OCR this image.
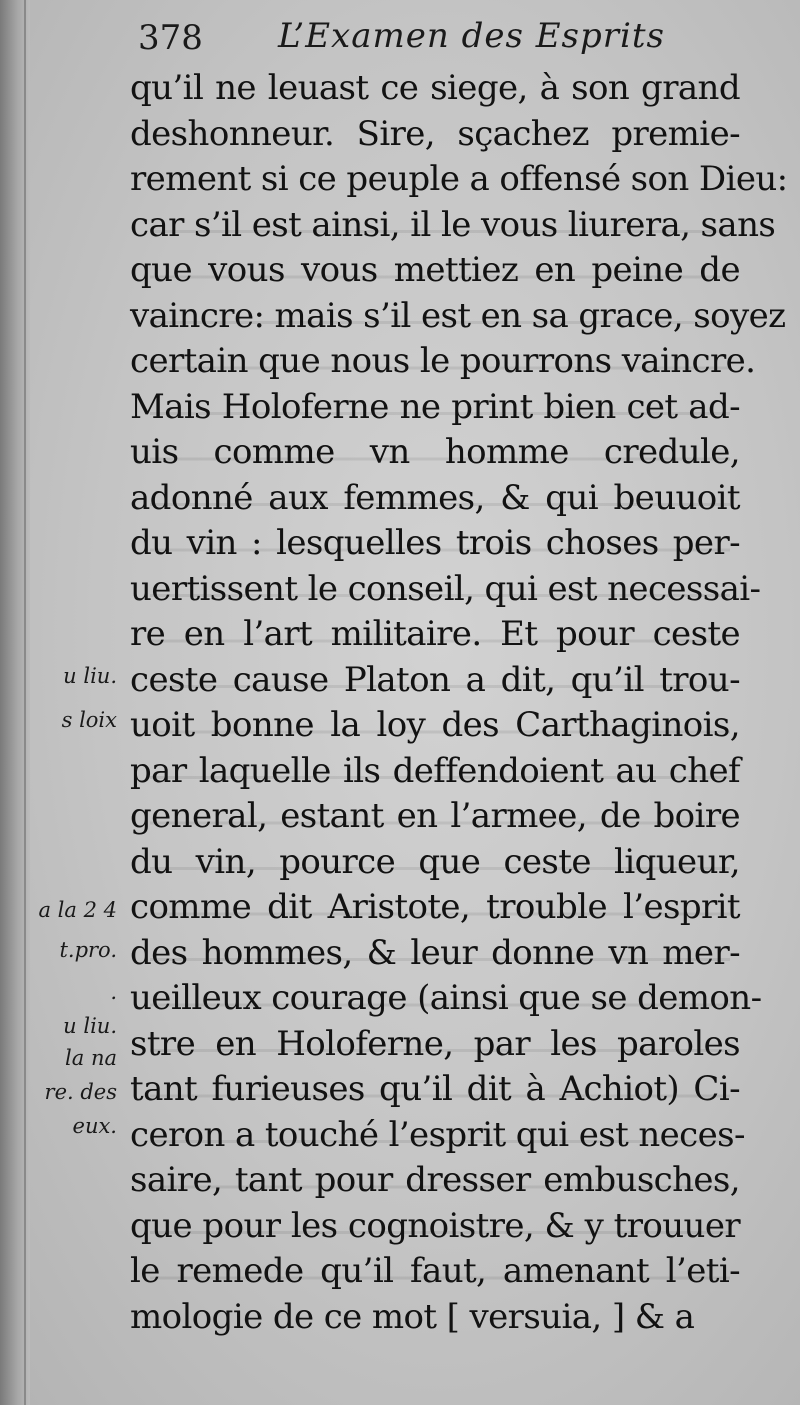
378 L’Examen des Esprits
u liu.
s loix
a la 2 4
t.pro.
.
u liu.
la na
re. des
eux.
qu’il ne leuast ce siege, à son grand
deshonneur. Sire, sçachez premie-
rement si ce peuple a offensé son Dieu:
car s’il est ainsi, il le vous liurera, sans
que vous vous mettiez en peine de
vaincre: mais s’il est en sa grace, soyez
certain que nous le pourrons vaincre.
Mais Holoferne ne print bien cet ad-
uis comme vn homme credule,
adonné aux femmes, & qui beuuoit
du vin : lesquelles trois choses per-
uertissent le conseil, qui est necessai-
re en l’art militaire. Et pour ceste
ceste cause Platon a dit, qu’il trou-
uoit bonne la loy des Carthaginois,
par laquelle ils deffendoient au chef
general, estant en l’armee, de boire
du vin, pource que ceste liqueur,
comme dit Aristote, trouble l’esprit
des hommes, & leur donne vn mer-
ueilleux courage (ainsi que se demon-
stre en Holoferne, par les paroles
tant furieuses qu’il dit à Achiot) Ci-
ceron a touché l’esprit qui est neces-
saire, tant pour dresser embusches,
que pour les cognoistre, & y trouuer
le remede qu’il faut, amenant l’eti-
mologie de ce mot [ versuia, ] & a
